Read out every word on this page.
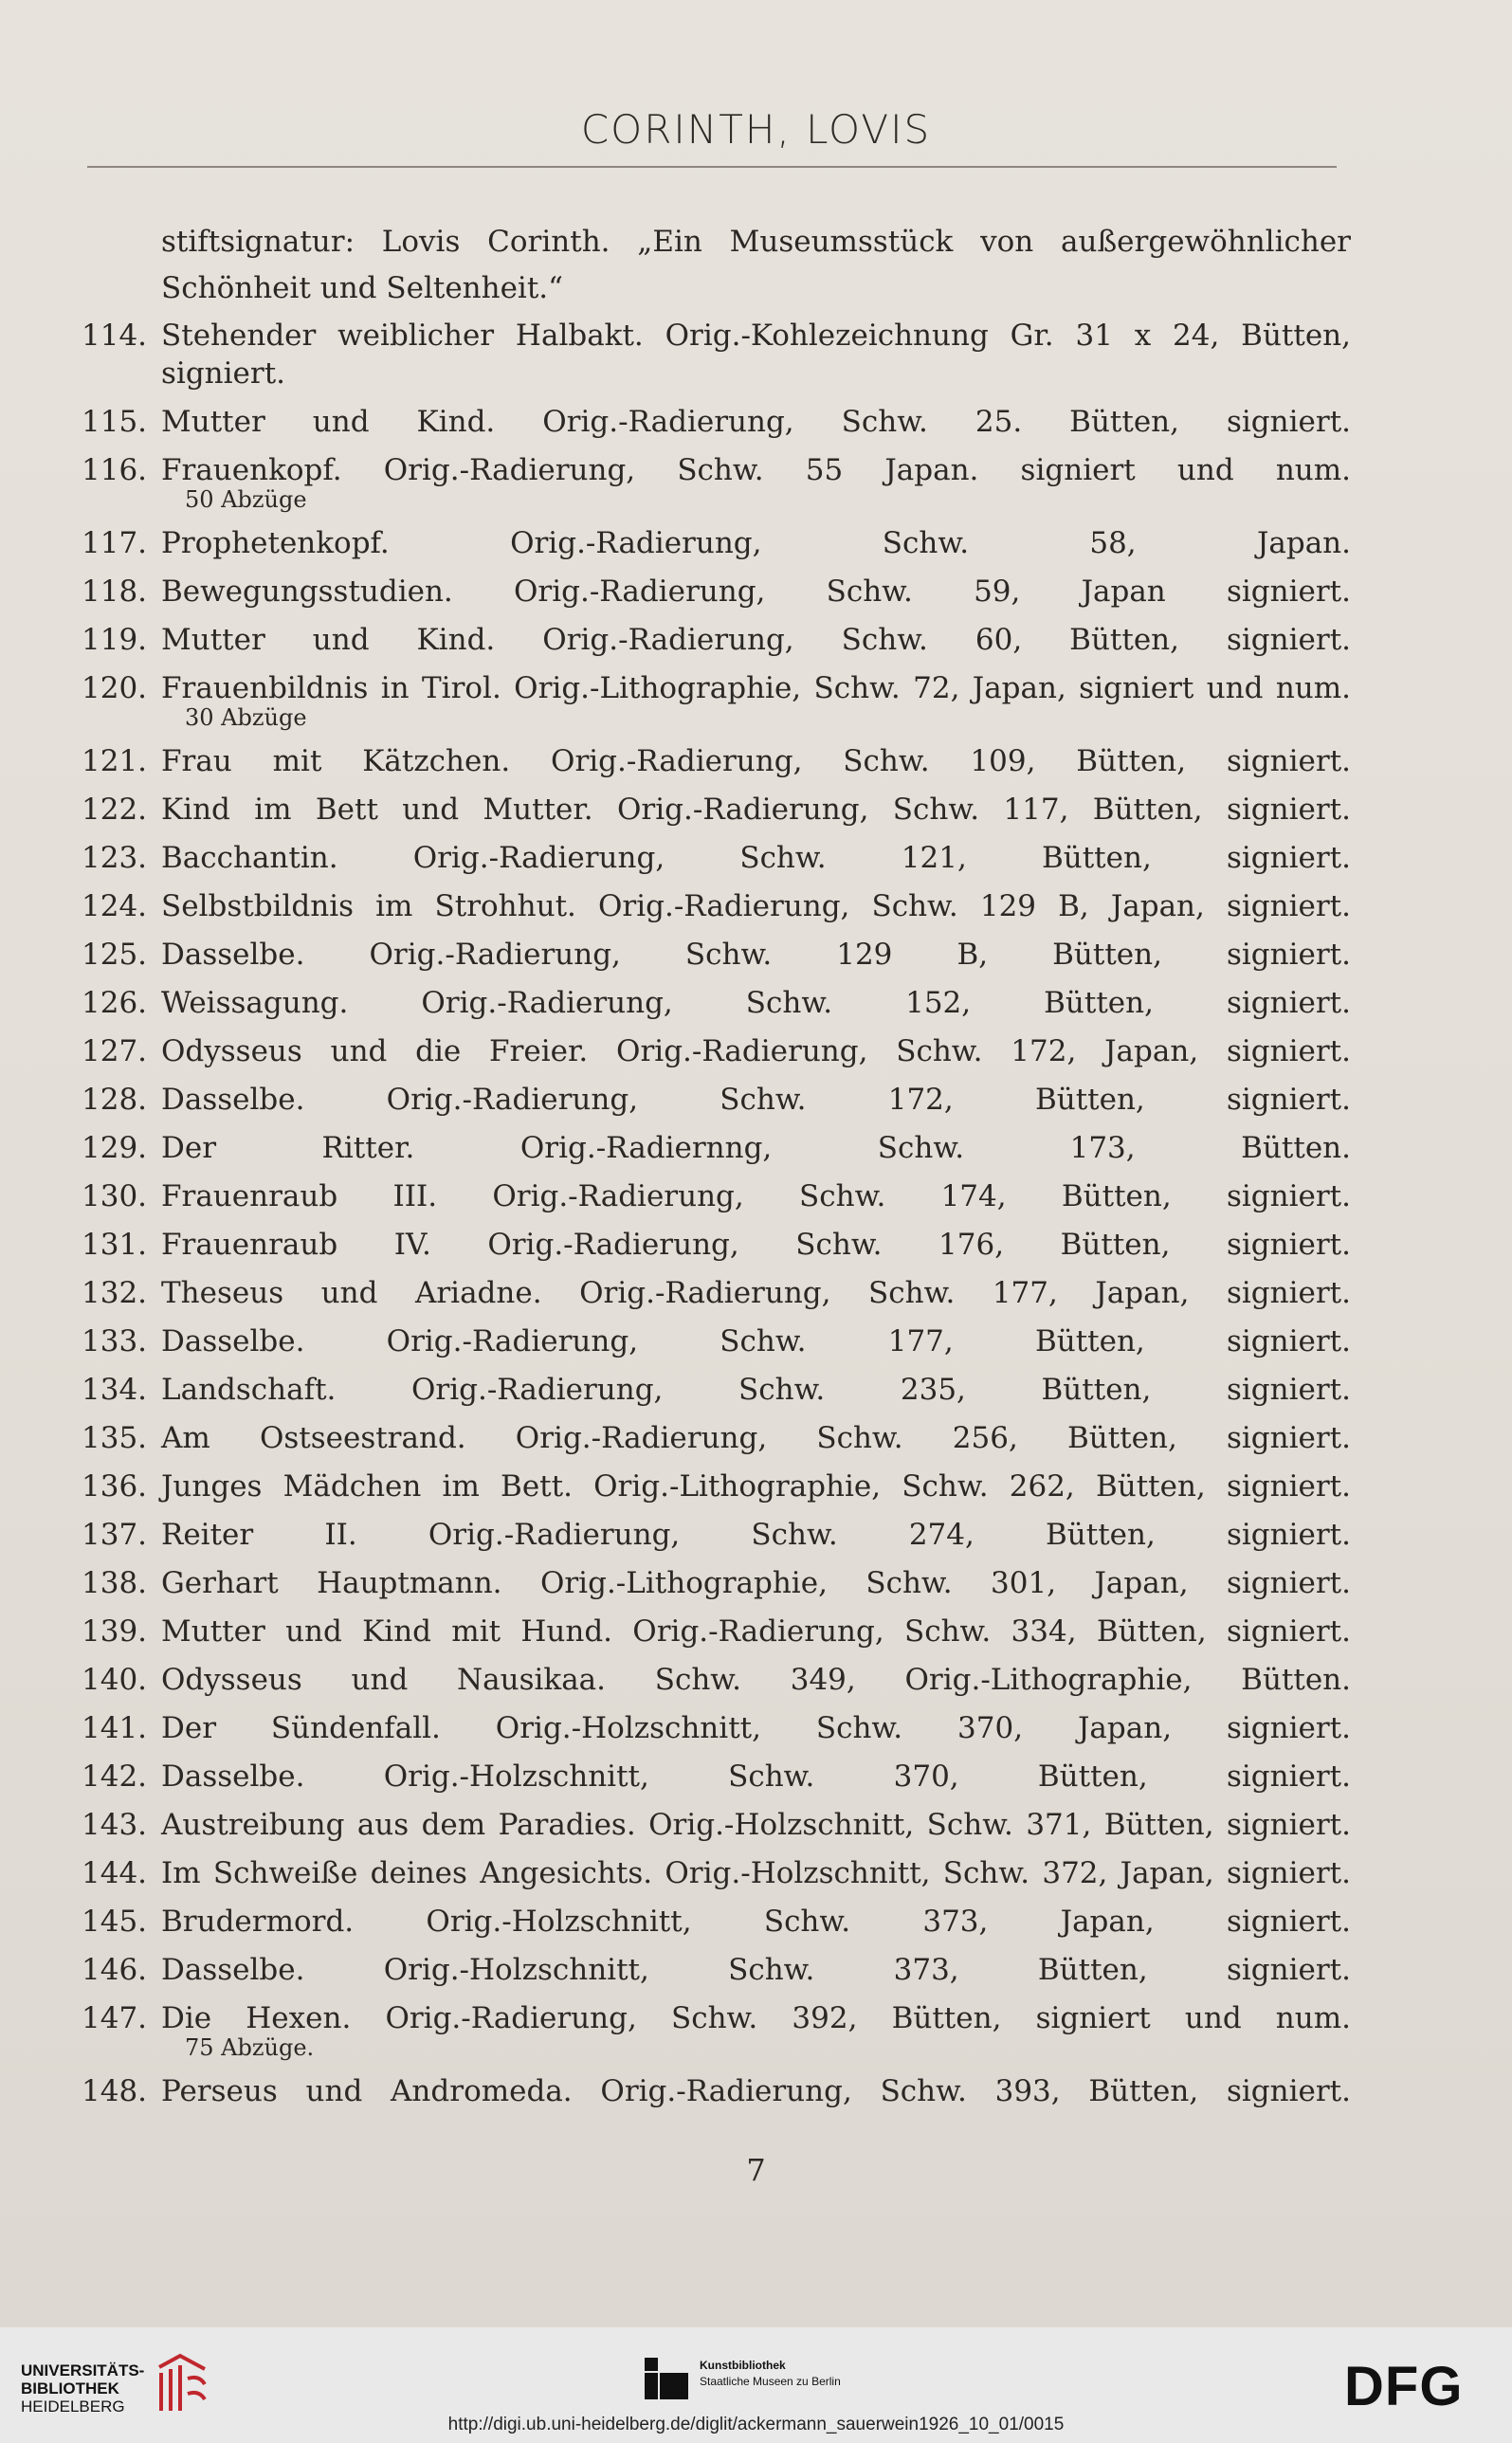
CORINTH, LOVIS
stiftsignatur: Lovis Corinth. „Ein Museumsstück von außergewöhnlicher
Schönheit und Seltenheit.“
114. Stehender weiblicher Halbakt. Orig.-Kohlezeichnung Gr. 31 x 24, Bütten,
signiert.
115. Mutter und Kind. Orig.-Radierung, Schw. 25. Bütten, signiert.
116. Frauenkopf. Orig.-Radierung, Schw. 55 Japan. signiert und num.
50 Abzüge
117. Prophetenkopf. Orig.-Radierung, Schw. 58, Japan.
118. Bewegungsstudien. Orig.-Radierung, Schw. 59, Japan signiert.
119. Mutter und Kind. Orig.-Radierung, Schw. 60, Bütten, signiert.
120. Frauenbildnis in Tirol. Orig.-Lithographie, Schw. 72, Japan, signiert und num.
30 Abzüge
121. Frau mit Kätzchen. Orig.-Radierung, Schw. 109, Bütten, signiert.
122. Kind im Bett und Mutter. Orig.-Radierung, Schw. 117, Bütten, signiert.
123. Bacchantin. Orig.-Radierung, Schw. 121, Bütten, signiert.
124. Selbstbildnis im Strohhut. Orig.-Radierung, Schw. 129 B, Japan, signiert.
125. Dasselbe. Orig.-Radierung, Schw. 129 B, Bütten, signiert.
126. Weissagung. Orig.-Radierung, Schw. 152, Bütten, signiert.
127. Odysseus und die Freier. Orig.-Radierung, Schw. 172, Japan, signiert.
128. Dasselbe. Orig.-Radierung, Schw. 172, Bütten, signiert.
129. Der Ritter. Orig.-Radiernng, Schw. 173, Bütten.
130. Frauenraub III. Orig.-Radierung, Schw. 174, Bütten, signiert.
131. Frauenraub IV. Orig.-Radierung, Schw. 176, Bütten, signiert.
132. Theseus und Ariadne. Orig.-Radierung, Schw. 177, Japan, signiert.
133. Dasselbe. Orig.-Radierung, Schw. 177, Bütten, signiert.
134. Landschaft. Orig.-Radierung, Schw. 235, Bütten, signiert.
135. Am Ostseestrand. Orig.-Radierung, Schw. 256, Bütten, signiert.
136. Junges Mädchen im Bett. Orig.-Lithographie, Schw. 262, Bütten, signiert.
137. Reiter II. Orig.-Radierung, Schw. 274, Bütten, signiert.
138. Gerhart Hauptmann. Orig.-Lithographie, Schw. 301, Japan, signiert.
139. Mutter und Kind mit Hund. Orig.-Radierung, Schw. 334, Bütten, signiert.
140. Odysseus und Nausikaa. Schw. 349, Orig.-Lithographie, Bütten.
141. Der Sündenfall. Orig.-Holzschnitt, Schw. 370, Japan, signiert.
142. Dasselbe. Orig.-Holzschnitt, Schw. 370, Bütten, signiert.
143. Austreibung aus dem Paradies. Orig.-Holzschnitt, Schw. 371, Bütten, signiert.
144. Im Schweiße deines Angesichts. Orig.-Holzschnitt, Schw. 372, Japan, signiert.
145. Brudermord. Orig.-Holzschnitt, Schw. 373, Japan, signiert.
146. Dasselbe. Orig.-Holzschnitt, Schw. 373, Bütten, signiert.
147. Die Hexen. Orig.-Radierung, Schw. 392, Bütten, signiert und num.
75 Abzüge.
148. Perseus und Andromeda. Orig.-Radierung, Schw. 393, Bütten, signiert.
7
UNIVERSITÄTS-
BIBLIOTHEK
HEIDELBERG
Kunstbibliothek
Staatliche Museen zu Berlin	DFG
http://digi.ub.uni-heidelberg.de/diglit/ackermann_sauerwein1926_10_01/0015
